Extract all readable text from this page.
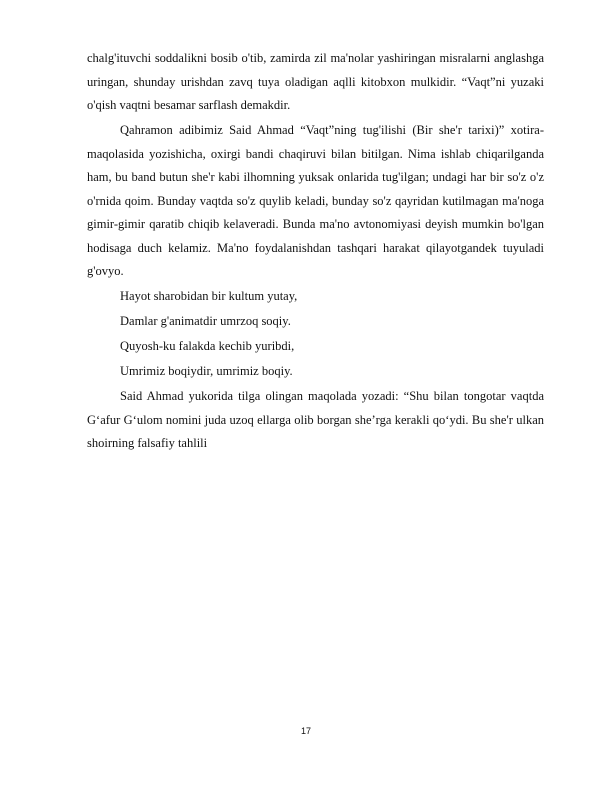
chalg'ituvchi soddalikni bosib o'tib, zamirda zil ma'nolar yashiringan misralarni anglashga uringan, shunday urishdan zavq tuya oladigan aqlli kitobxon mulkidir. “Vaqt”ni yuzaki o'qish vaqtni besamar sarflash demakdir.

Qahramon adibimiz Said Ahmad “Vaqt”ning tug'ilishi (Bir she'r tarixi)” xotira-maqolasida yozishicha, oxirgi bandi chaqiruvi bilan bitilgan. Nima ishlab chiqarilganda ham, bu band butun she'r kabi ilhomning yuksak onlarida tug'ilgan; undagi har bir so'z o'z o'rnida qoim. Bunday vaqtda so'z quylib keladi, bunday so'z qayridan kutilmagan ma'noga gimir-gimir qaratib chiqib kelaveradi. Bunda ma'no avtonomiyasi deyish mumkin bo'lgan hodisaga duch kelamiz. Ma'no foydalanishdan tashqari harakat qilayotgandek tuyuladi g'ovyo.

Hayot sharobidan bir kultum yutay,

Damlar g'animatdir umrzoq soqiy.

Quyosh-ku falakda kechib yuribdi,

Umrimiz boqiydir, umrimiz boqiy.

Said Ahmad yukorida tilga olingan maqolada yozadi: “Shu bilan tongotar vaqtda G‘afur G‘ulom nomini juda uzoq ellarga olib borgan she’rga kerakli qo‘ydi. Bu she'r ulkan shoirning falsafiy tahlili

17
